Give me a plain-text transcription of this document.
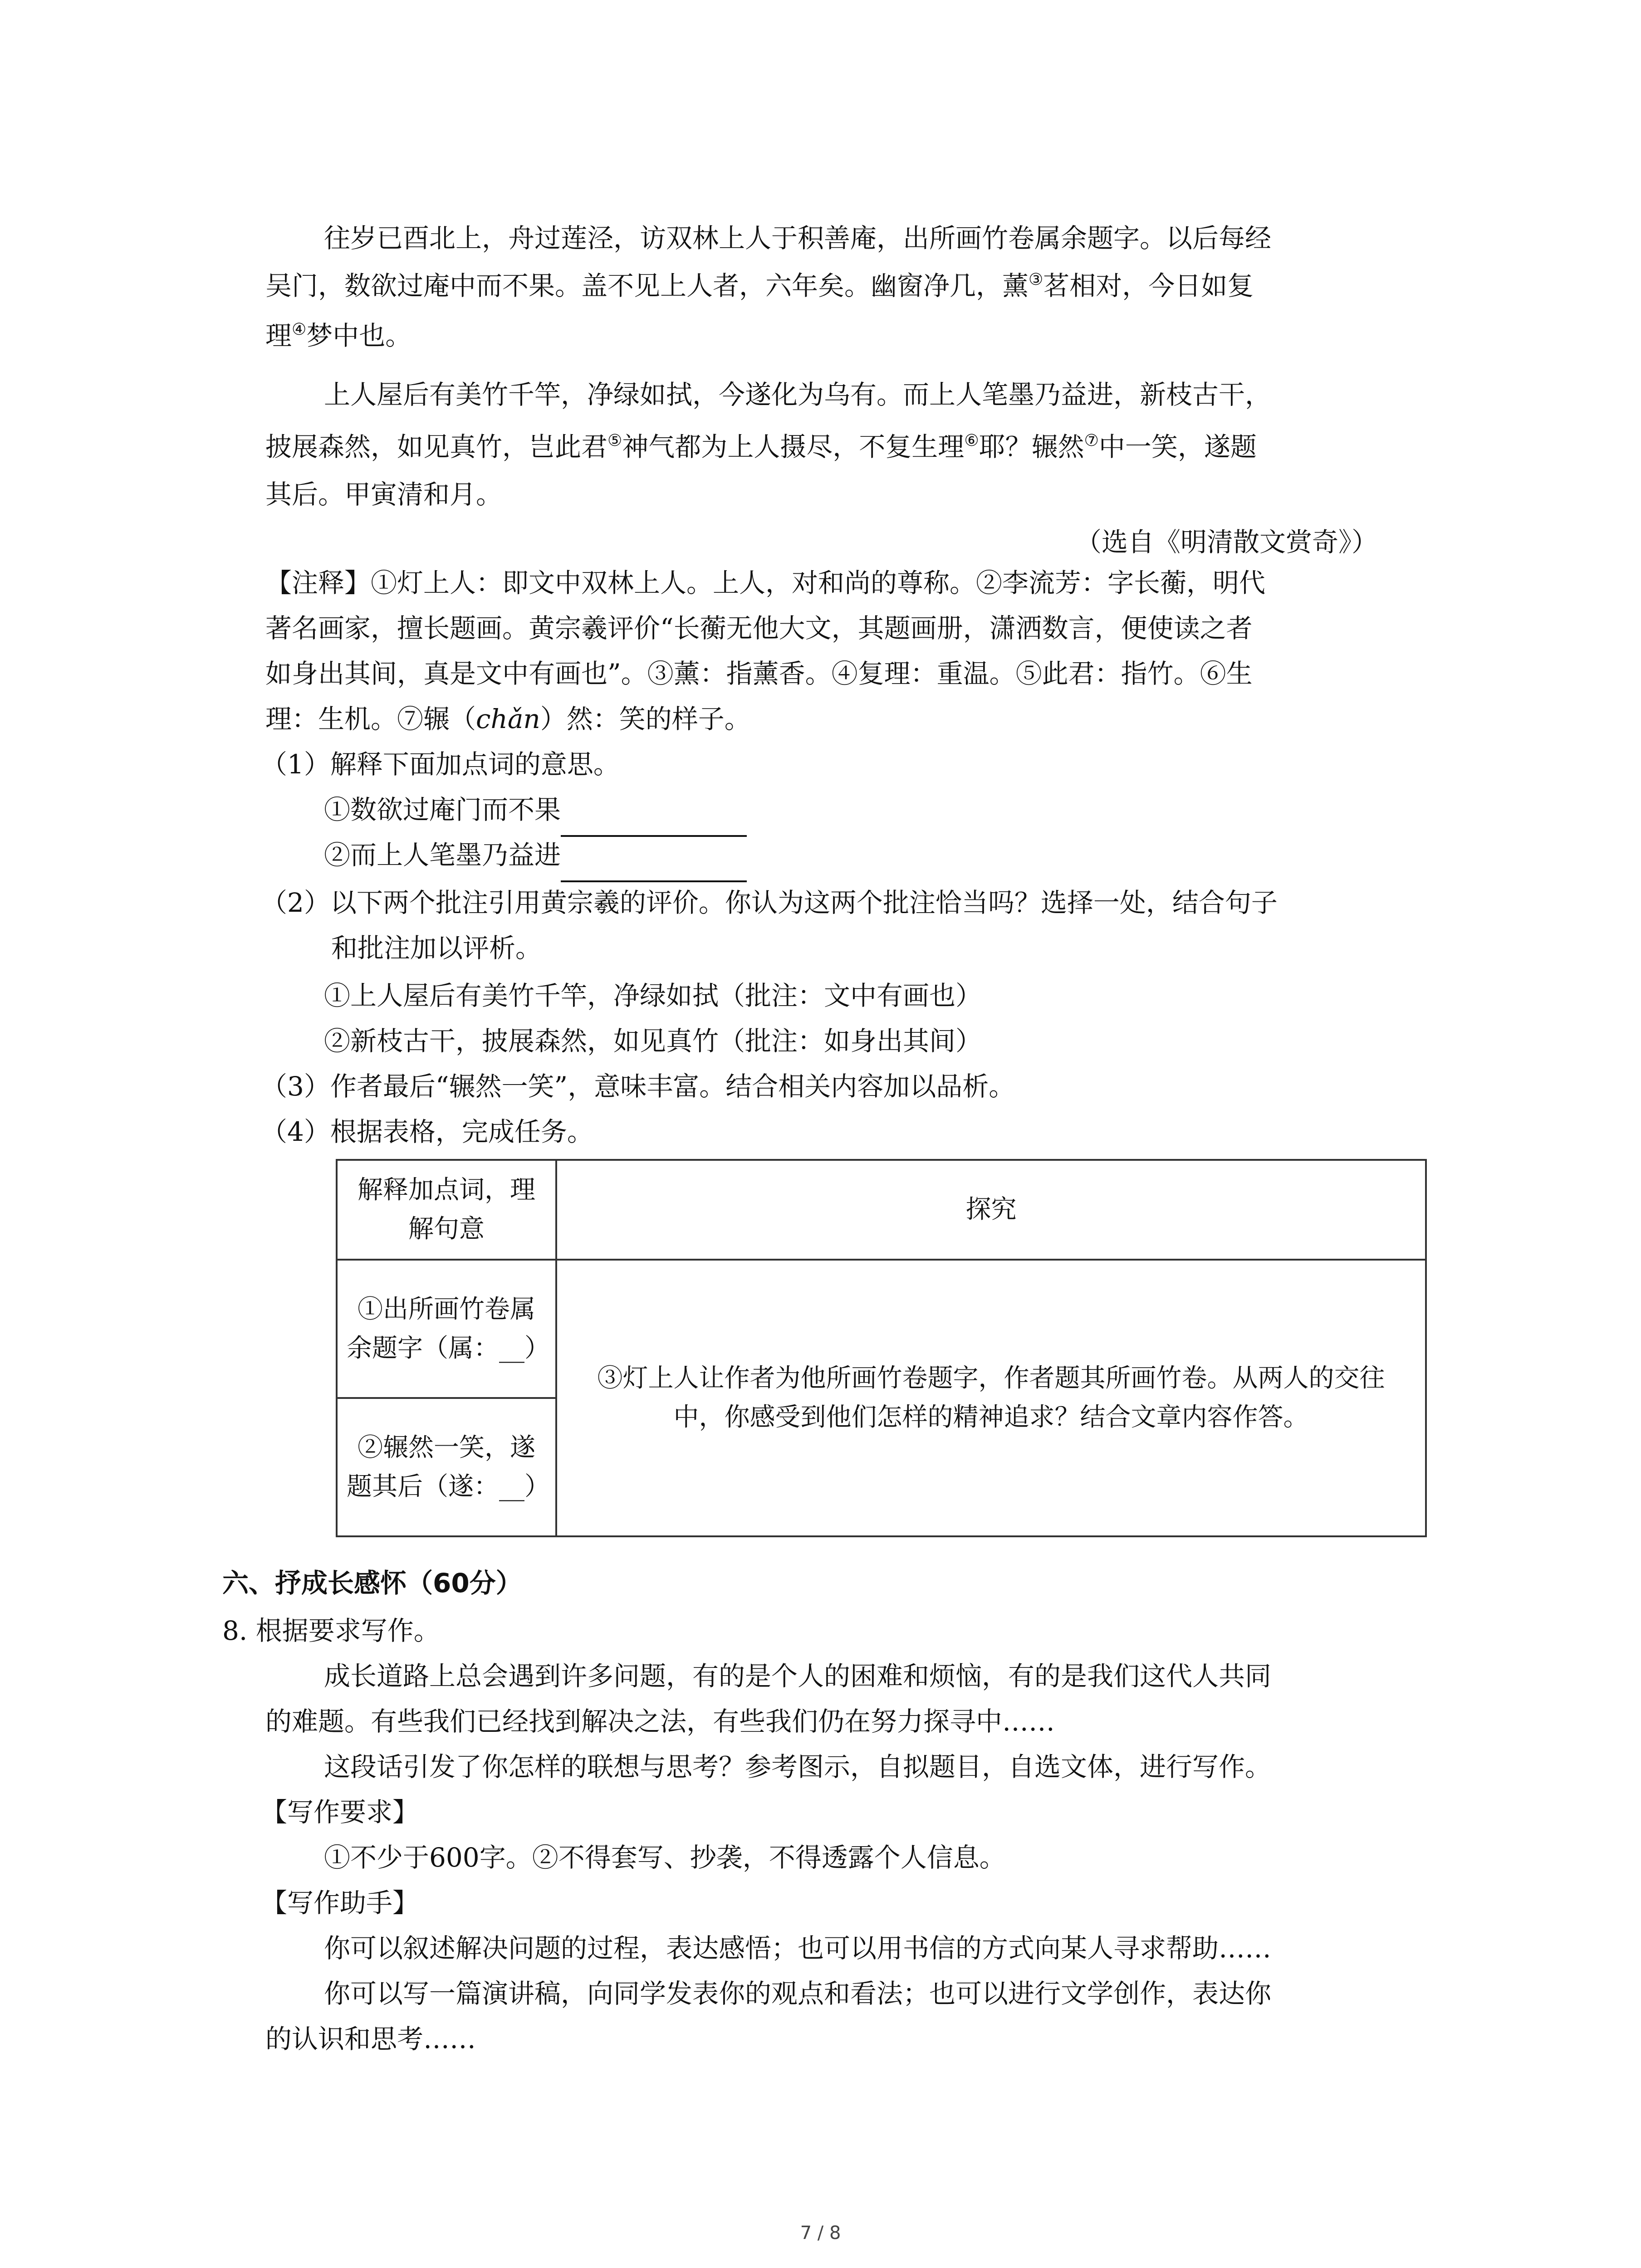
往岁已酉北上，舟过莲泾，访双林上人于积善庵，出所画竹卷属余题字。以后每经
吴门，数欲过庵中而不果。盖不见上人者，六年矣。幽窗净几，薰③茗相对，今日如复
理④梦中也。
上人屋后有美竹千竿，净绿如拭，今遂化为乌有。而上人笔墨乃益进，新枝古干，
披展森然，如见真竹，岂此君⑤神气都为上人摄尽，不复生理⑥耶？辗然⑦中一笑，遂题
其后。甲寅清和月。
（选自《明清散文赏奇》）
【注释】①灯上人：即文中双林上人。上人，对和尚的尊称。②李流芳：字长蘅，明代
著名画家，擅长题画。黄宗羲评价“长蘅无他大文，其题画册，潇洒数言，便使读之者
如身出其间，真是文中有画也”。③薰：指薰香。④复理：重温。⑤此君：指竹。⑥生
理：生机。⑦辗（chǎn）然：笑的样子。
（1）解释下面加点词的意思。
①数欲过庵门而不果
②而上人笔墨乃益进
（2）以下两个批注引用黄宗羲的评价。你认为这两个批注恰当吗？选择一处，结合句子
和批注加以评析。
①上人屋后有美竹千竿，净绿如拭（批注：文中有画也）
②新枝古干，披展森然，如见真竹（批注：如身出其间）
（3）作者最后“辗然一笑”，意味丰富。结合相关内容加以品析。
（4）根据表格，完成任务。
解释加点词，理解句意	探究
①出所画竹卷属余题字（属：__）	③灯上人让作者为他所画竹卷题字，作者题其所画竹卷。从两人的交往中，你感受到他们怎样的精神追求？结合文章内容作答。
②辗然一笑，遂题其后（遂：__）	
六、抒成长感怀（60分）
8. 根据要求写作。
成长道路上总会遇到许多问题，有的是个人的困难和烦恼，有的是我们这代人共同
的难题。有些我们已经找到解决之法，有些我们仍在努力探寻中……
这段话引发了你怎样的联想与思考？参考图示，自拟题目，自选文体，进行写作。
【写作要求】
①不少于600字。②不得套写、抄袭，不得透露个人信息。
【写作助手】
你可以叙述解决问题的过程，表达感悟；也可以用书信的方式向某人寻求帮助……
你可以写一篇演讲稿，向同学发表你的观点和看法；也可以进行文学创作，表达你
的认识和思考……
7 / 8
